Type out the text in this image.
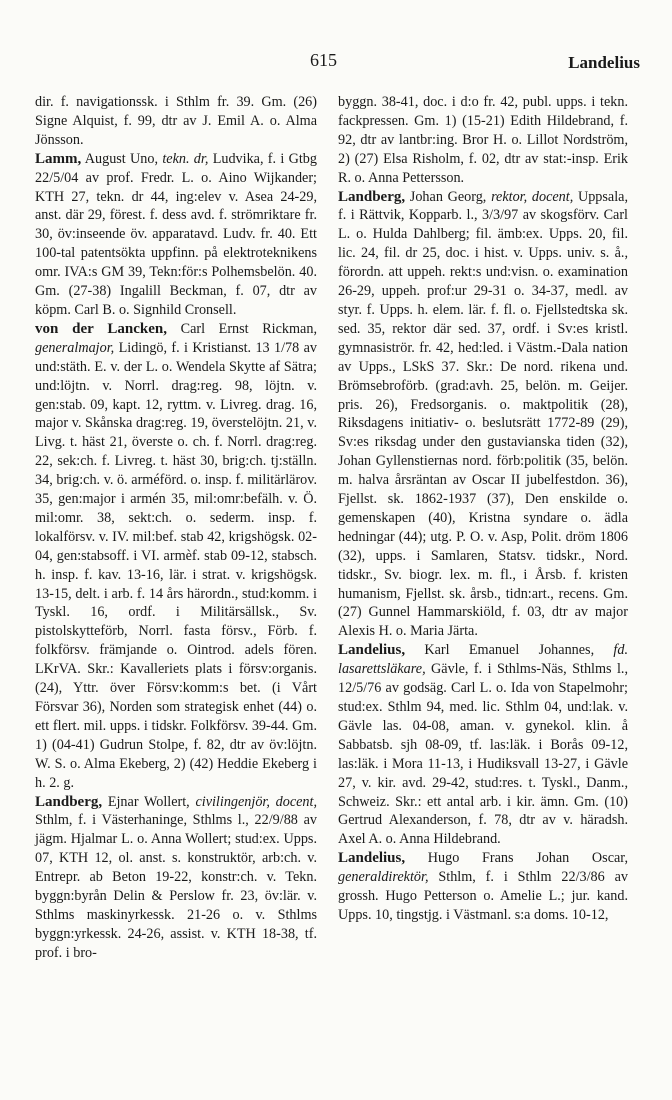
615	Landelius

dir. f. navigationssk. i Sthlm fr. 39. Gm. (26) Signe Alquist, f. 99, dtr av J. Emil A. o. Alma Jönsson.

Lamm, August Uno, tekn. dr, Ludvika, f. i Gtbg 22/5/04 av prof. Fredr. L. o. Aino Wijkander; KTH 27, tekn. dr 44, ing:elev v. Asea 24-29, anst. där 29, förest. f. dess avd. f. strömriktare fr. 30, öv:inseende öv. apparatavd. Ludv. fr. 40. Ett 100-tal patentsökta uppfinn. på elektroteknikens omr. IVA:s GM 39, Tekn:för:s Polhemsbelön. 40. Gm. (27-38) Ingalill Beckman, f. 07, dtr av köpm. Carl B. o. Signhild Cronsell.

von der Lancken, Carl Ernst Rickman, generalmajor, Lidingö, f. i Kristianst. 13 1/78 av und:stäth. E. v. der L. o. Wendela Skytte af Sätra; und:löjtn. v. Norrl. drag:reg. 98, löjtn. v. gen:stab. 09, kapt. 12, ryttm. v. Livreg. drag. 16, major v. Skånska drag:reg. 19, överstelöjtn. 21, v. Livg. t. häst 21, överste o. ch. f. Norrl. drag:reg. 22, sek:ch. f. Livreg. t. häst 30, brig:ch. tj:ställn. 34, brig:ch. v. ö. arméförd. o. insp. f. militärlärov. 35, gen:major i armén 35, mil:omr:befälh. v. Ö. mil:omr. 38, sekt:ch. o. sederm. insp. f. lokalförsv. v. IV. mil:bef. stab 42, krigshögsk. 02-04, gen:stabsoff. i VI. armèf. stab 09-12, stabsch. h. insp. f. kav. 13-16, lär. i strat. v. krigshögsk. 13-15, delt. i arb. f. 14 års härordn., stud:komm. i Tyskl. 16, ordf. i Militärsällsk., Sv. pistolskytteförb, Norrl. fasta försv., Förb. f. folkförsv. främjande o. Ointrod. adels fören. LKrVA. Skr.: Kavalleriets plats i försv:organis. (24), Yttr. över Försv:komm:s bet. (i Vårt Försvar 36), Norden som strategisk enhet (44) o. ett flert. mil. upps. i tidskr. Folkförsv. 39-44. Gm. 1) (04-41) Gudrun Stolpe, f. 82, dtr av öv:löjtn. W. S. o. Alma Ekeberg, 2) (42) Heddie Ekeberg i h. 2. g.

Landberg, Ejnar Wollert, civilingenjör, docent, Sthlm, f. i Västerhaninge, Sthlms l., 22/9/88 av jägm. Hjalmar L. o. Anna Wollert; stud:ex. Upps. 07, KTH 12, ol. anst. s. konstruktör, arb:ch. v. Entrepr. ab Beton 19-22, konstr:ch. v. Tekn. byggn:byrån Delin & Perslow fr. 23, öv:lär. v. Sthlms maskinyrkessk. 21-26 o. v. Sthlms byggn:yrkessk. 24-26, assist. v. KTH 18-38, tf. prof. i bro-

byggn. 38-41, doc. i d:o fr. 42, publ. upps. i tekn. fackpressen. Gm. 1) (15-21) Edith Hildebrand, f. 92, dtr av lantbr:ing. Bror H. o. Lillot Nordström, 2) (27) Elsa Risholm, f. 02, dtr av stat:-insp. Erik R. o. Anna Pettersson.

Landberg, Johan Georg, rektor, docent, Uppsala, f. i Rättvik, Kopparb. l., 3/3/97 av skogsförv. Carl L. o. Hulda Dahlberg; fil. ämb:ex. Upps. 20, fil. lic. 24, fil. dr 25, doc. i hist. v. Upps. univ. s. å., förordn. att uppeh. rekt:s und:visn. o. examination 26-29, uppeh. prof:ur 29-31 o. 34-37, medl. av styr. f. Upps. h. elem. lär. f. fl. o. Fjellstedtska sk. sed. 35, rektor där sed. 37, ordf. i Sv:es kristl. gymnasiströr. fr. 42, hed:led. i Västm.-Dala nation av Upps., LSkS 37. Skr.: De nord. rikena und. Brömsebroförb. (grad:avh. 25, belön. m. Geijer. pris. 26), Fredsorganis. o. maktpolitik (28), Riksdagens initiativ- o. beslutsrätt 1772-89 (29), Sv:es riksdag under den gustavianska tiden (32), Johan Gyllenstiernas nord. förb:politik (35, belön. m. halva årsräntan av Oscar II jubelfestdon. 36), Fjellst. sk. 1862-1937 (37), Den enskilde o. gemenskapen (40), Kristna syndare o. ädla hedningar (44); utg. P. O. v. Asp, Polit. dröm 1806 (32), upps. i Samlaren, Statsv. tidskr., Nord. tidskr., Sv. biogr. lex. m. fl., i Årsb. f. kristen humanism, Fjellst. sk. årsb., tidn:art., recens. Gm. (27) Gunnel Hammarskiöld, f. 03, dtr av major Alexis H. o. Maria Järta.

Landelius, Karl Emanuel Johannes, fd. lasarettsläkare, Gävle, f. i Sthlms-Näs, Sthlms l., 12/5/76 av godsäg. Carl L. o. Ida von Stapelmohr; stud:ex. Sthlm 94, med. lic. Sthlm 04, und:lak. v. Gävle las. 04-08, aman. v. gynekol. klin. å Sabbatsb. sjh 08-09, tf. las:läk. i Borås 09-12, las:läk. i Mora 11-13, i Hudiksvall 13-27, i Gävle 27, v. kir. avd. 29-42, stud:res. t. Tyskl., Danm., Schweiz. Skr.: ett antal arb. i kir. ämn. Gm. (10) Gertrud Alexanderson, f. 78, dtr av v. häradsh. Axel A. o. Anna Hildebrand.

Landelius, Hugo Frans Johan Oscar, generaldirektör, Sthlm, f. i Sthlm 22/3/86 av grossh. Hugo Petterson o. Amelie L.; jur. kand. Upps. 10, tingstjg. i Västmanl. s:a doms. 10-12,
